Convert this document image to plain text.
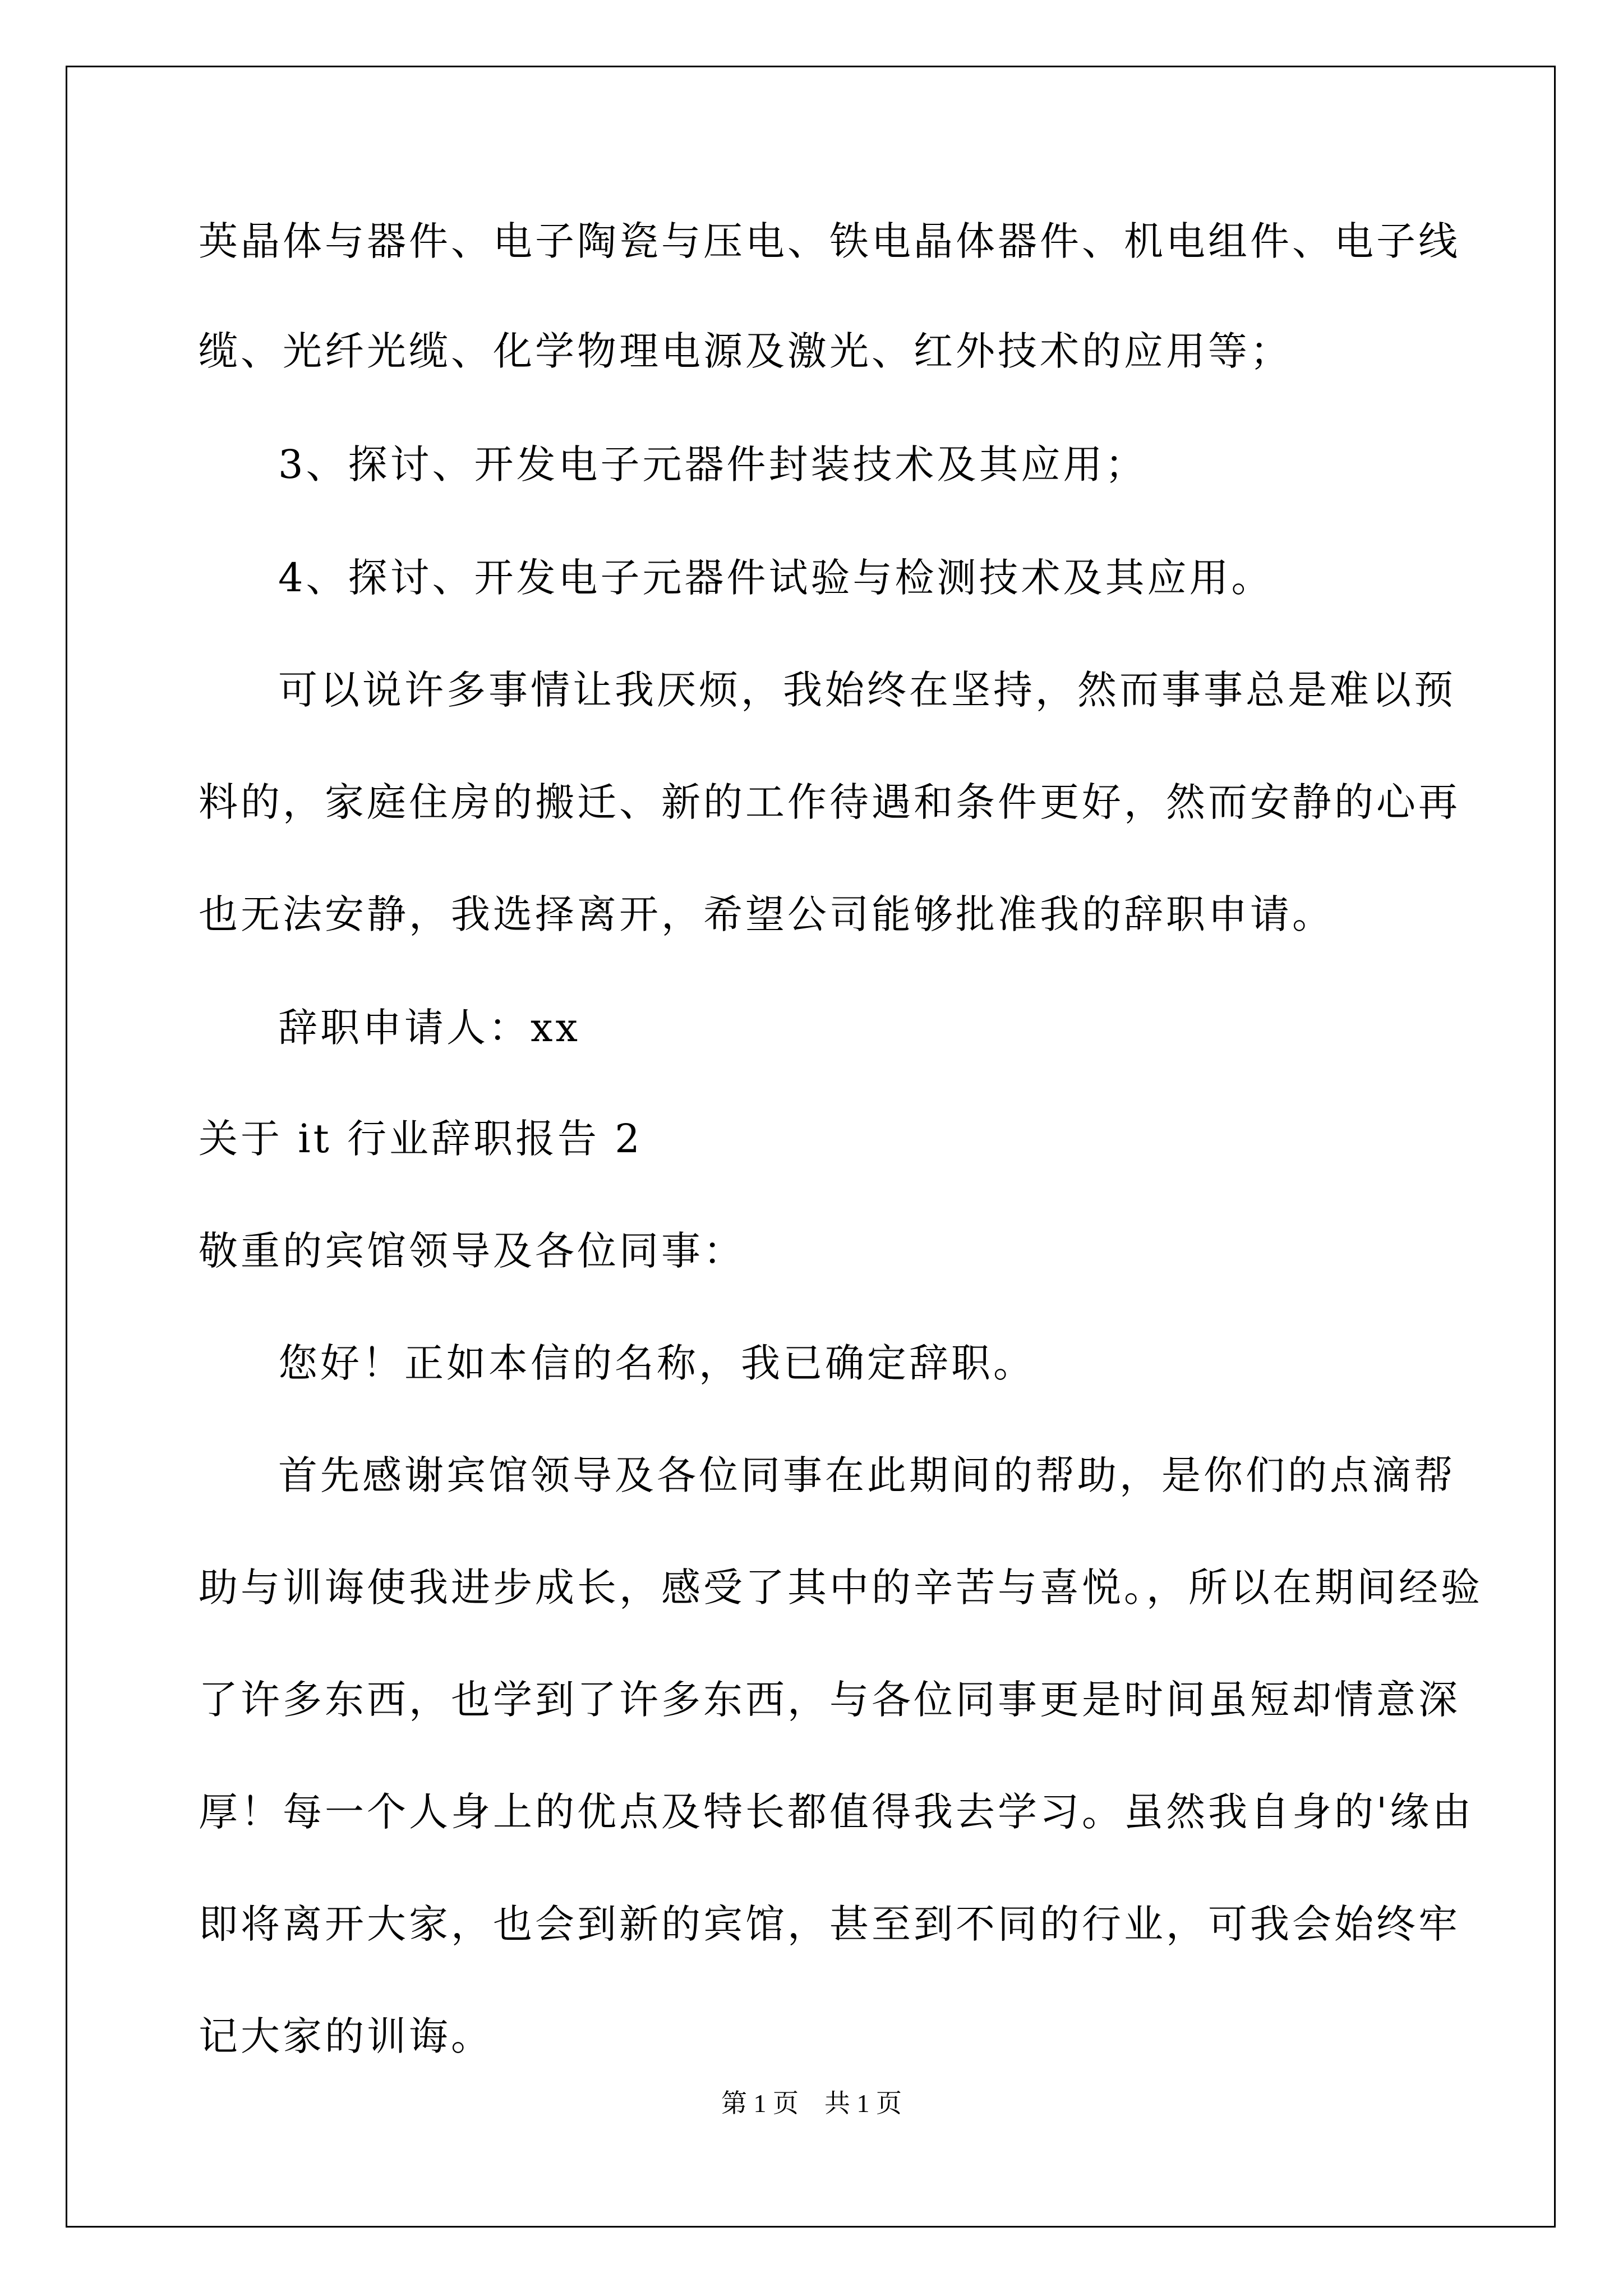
英晶体与器件、电子陶瓷与压电、铁电晶体器件、机电组件、电子线
缆、光纤光缆、化学物理电源及激光、红外技术的应用等；
3、探讨、开发电子元器件封装技术及其应用；
4、探讨、开发电子元器件试验与检测技术及其应用。
可以说许多事情让我厌烦，我始终在坚持，然而事事总是难以预
料的，家庭住房的搬迁、新的工作待遇和条件更好，然而安静的心再
也无法安静，我选择离开，希望公司能够批准我的辞职申请。
辞职申请人：xx
关于 it 行业辞职报告 2
敬重的宾馆领导及各位同事：
您好！正如本信的名称，我已确定辞职。
首先感谢宾馆领导及各位同事在此期间的帮助，是你们的点滴帮
助与训诲使我进步成长，感受了其中的辛苦与喜悦。，所以在期间经验
了许多东西，也学到了许多东西，与各位同事更是时间虽短却情意深
厚！每一个人身上的优点及特长都值得我去学习。虽然我自身的'缘由
即将离开大家，也会到新的宾馆，甚至到不同的行业，可我会始终牢
记大家的训诲。
第 1 页　共 1 页
